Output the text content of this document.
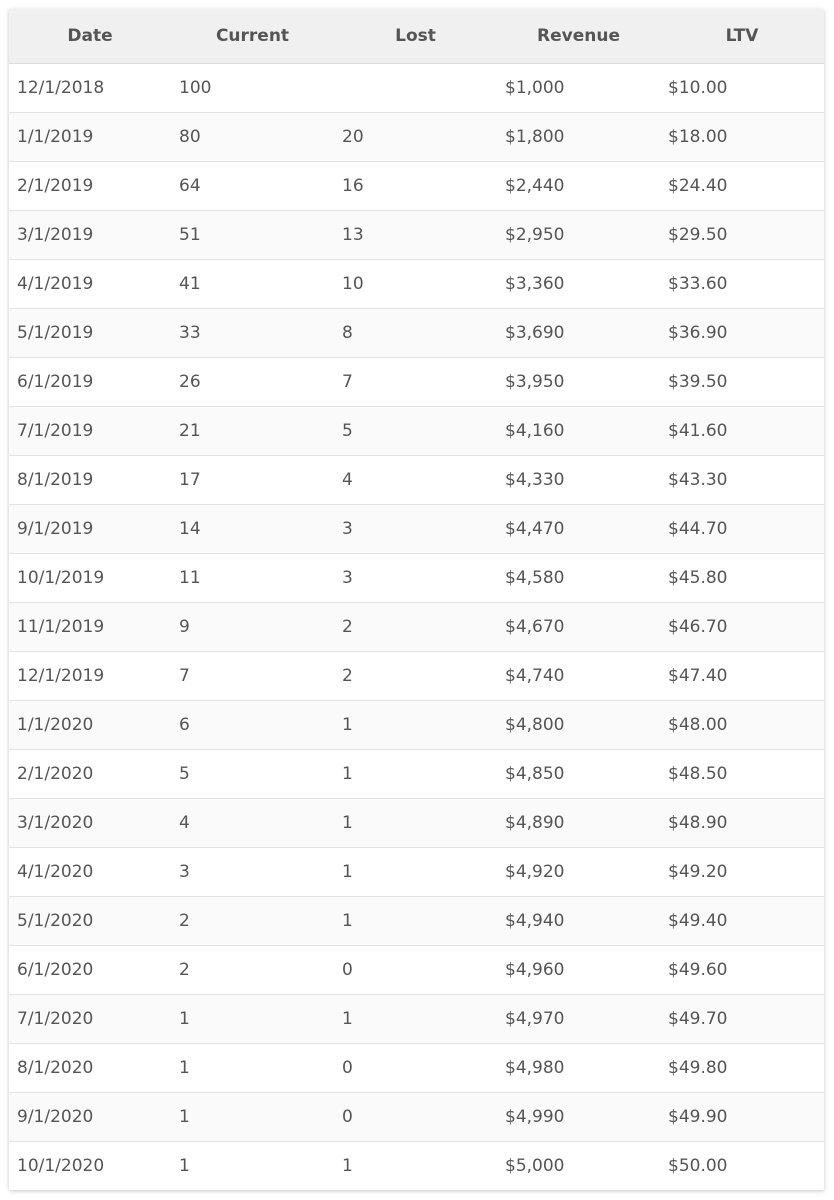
Date	Current	Lost	Revenue	LTV
12/1/2018	100		$1,000	$10.00
1/1/2019	80	20	$1,800	$18.00
2/1/2019	64	16	$2,440	$24.40
3/1/2019	51	13	$2,950	$29.50
4/1/2019	41	10	$3,360	$33.60
5/1/2019	33	8	$3,690	$36.90
6/1/2019	26	7	$3,950	$39.50
7/1/2019	21	5	$4,160	$41.60
8/1/2019	17	4	$4,330	$43.30
9/1/2019	14	3	$4,470	$44.70
10/1/2019	11	3	$4,580	$45.80
11/1/2019	9	2	$4,670	$46.70
12/1/2019	7	2	$4,740	$47.40
1/1/2020	6	1	$4,800	$48.00
2/1/2020	5	1	$4,850	$48.50
3/1/2020	4	1	$4,890	$48.90
4/1/2020	3	1	$4,920	$49.20
5/1/2020	2	1	$4,940	$49.40
6/1/2020	2	0	$4,960	$49.60
7/1/2020	1	1	$4,970	$49.70
8/1/2020	1	0	$4,980	$49.80
9/1/2020	1	0	$4,990	$49.90
10/1/2020	1	1	$5,000	$50.00
